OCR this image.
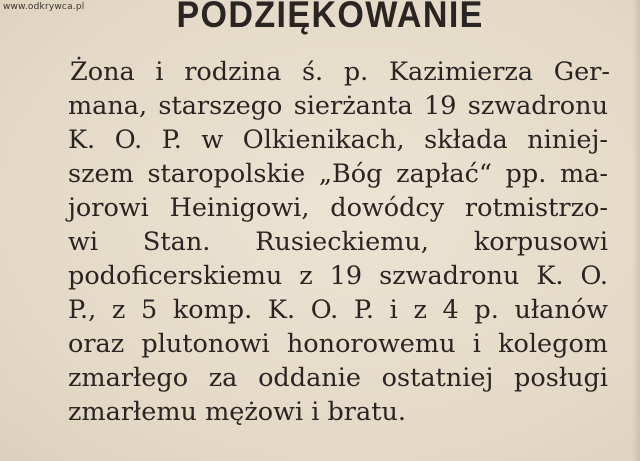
www.odkrywca.pl	PODZIĘKOWANIE
Żona i rodzina ś. p. Kazimierza Ger-
mana, starszego sierżanta 19 szwadronu
K. O. P. w Olkienikach, składa niniej-
szem staropolskie „Bóg zapłać“ pp. ma-
jorowi Heinigowi, dowódcy rotmistrzo-
wi Stan. Rusieckiemu, korpusowi
podoficerskiemu z 19 szwadronu K. O.
P., z 5 komp. K. O. P. i z 4 p. ułanów
oraz plutonowi honorowemu i kolegom
zmarłego za oddanie ostatniej posługi
zmarłemu mężowi i bratu.
